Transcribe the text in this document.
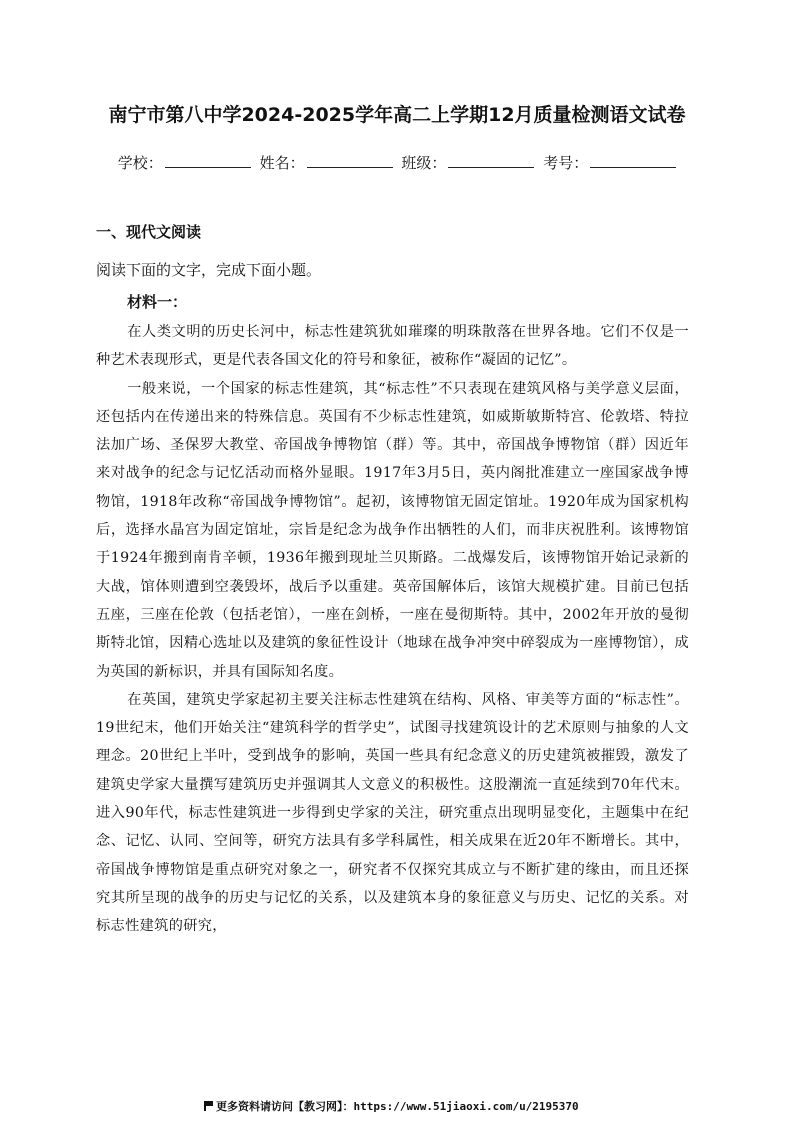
南宁市第八中学2024-2025学年高二上学期12月质量检测语文试卷
学校：	姓名：	班级：	考号：
一、现代文阅读
阅读下面的文字，完成下面小题。
材料一：

在人类文明的历史长河中，标志性建筑犹如璀璨的明珠散落在世界各地。它们不仅是一种艺术表现形式，更是代表各国文化的符号和象征，被称作“凝固的记忆”。

一般来说，一个国家的标志性建筑，其“标志性”不只表现在建筑风格与美学意义层面，还包括内在传递出来的特殊信息。英国有不少标志性建筑，如威斯敏斯特宫、伦敦塔、特拉法加广场、圣保罗大教堂、帝国战争博物馆（群）等。其中，帝国战争博物馆（群）因近年来对战争的纪念与记忆活动而格外显眼。1917年3月5日，英内阁批准建立一座国家战争博物馆，1918年改称“帝国战争博物馆”。起初，该博物馆无固定馆址。1920年成为国家机构后，选择水晶宫为固定馆址，宗旨是纪念为战争作出牺牲的人们，而非庆祝胜利。该博物馆于1924年搬到南肯辛顿，1936年搬到现址兰贝斯路。二战爆发后，该博物馆开始记录新的大战，馆体则遭到空袭毁坏，战后予以重建。英帝国解体后，该馆大规模扩建。目前已包括五座，三座在伦敦（包括老馆），一座在剑桥，一座在曼彻斯特。其中，2002年开放的曼彻斯特北馆，因精心选址以及建筑的象征性设计（地球在战争冲突中碎裂成为一座博物馆），成为英国的新标识，并具有国际知名度。

在英国，建筑史学家起初主要关注标志性建筑在结构、风格、审美等方面的“标志性”。19世纪末，他们开始关注“建筑科学的哲学史”，试图寻找建筑设计的艺术原则与抽象的人文理念。20世纪上半叶，受到战争的影响，英国一些具有纪念意义的历史建筑被摧毁，激发了建筑史学家大量撰写建筑历史并强调其人文意义的积极性。这股潮流一直延续到70年代末。进入90年代，标志性建筑进一步得到史学家的关注，研究重点出现明显变化，主题集中在纪念、记忆、认同、空间等，研究方法具有多学科属性，相关成果在近20年不断增长。其中，帝国战争博物馆是重点研究对象之一，研究者不仅探究其成立与不断扩建的缘由，而且还探究其所呈现的战争的历史与记忆的关系，以及建筑本身的象征意义与历史、记忆的关系。对标志性建筑的研究，

更多资料请访问【教习网】：https://www.51jiaoxi.com/u/2195370
